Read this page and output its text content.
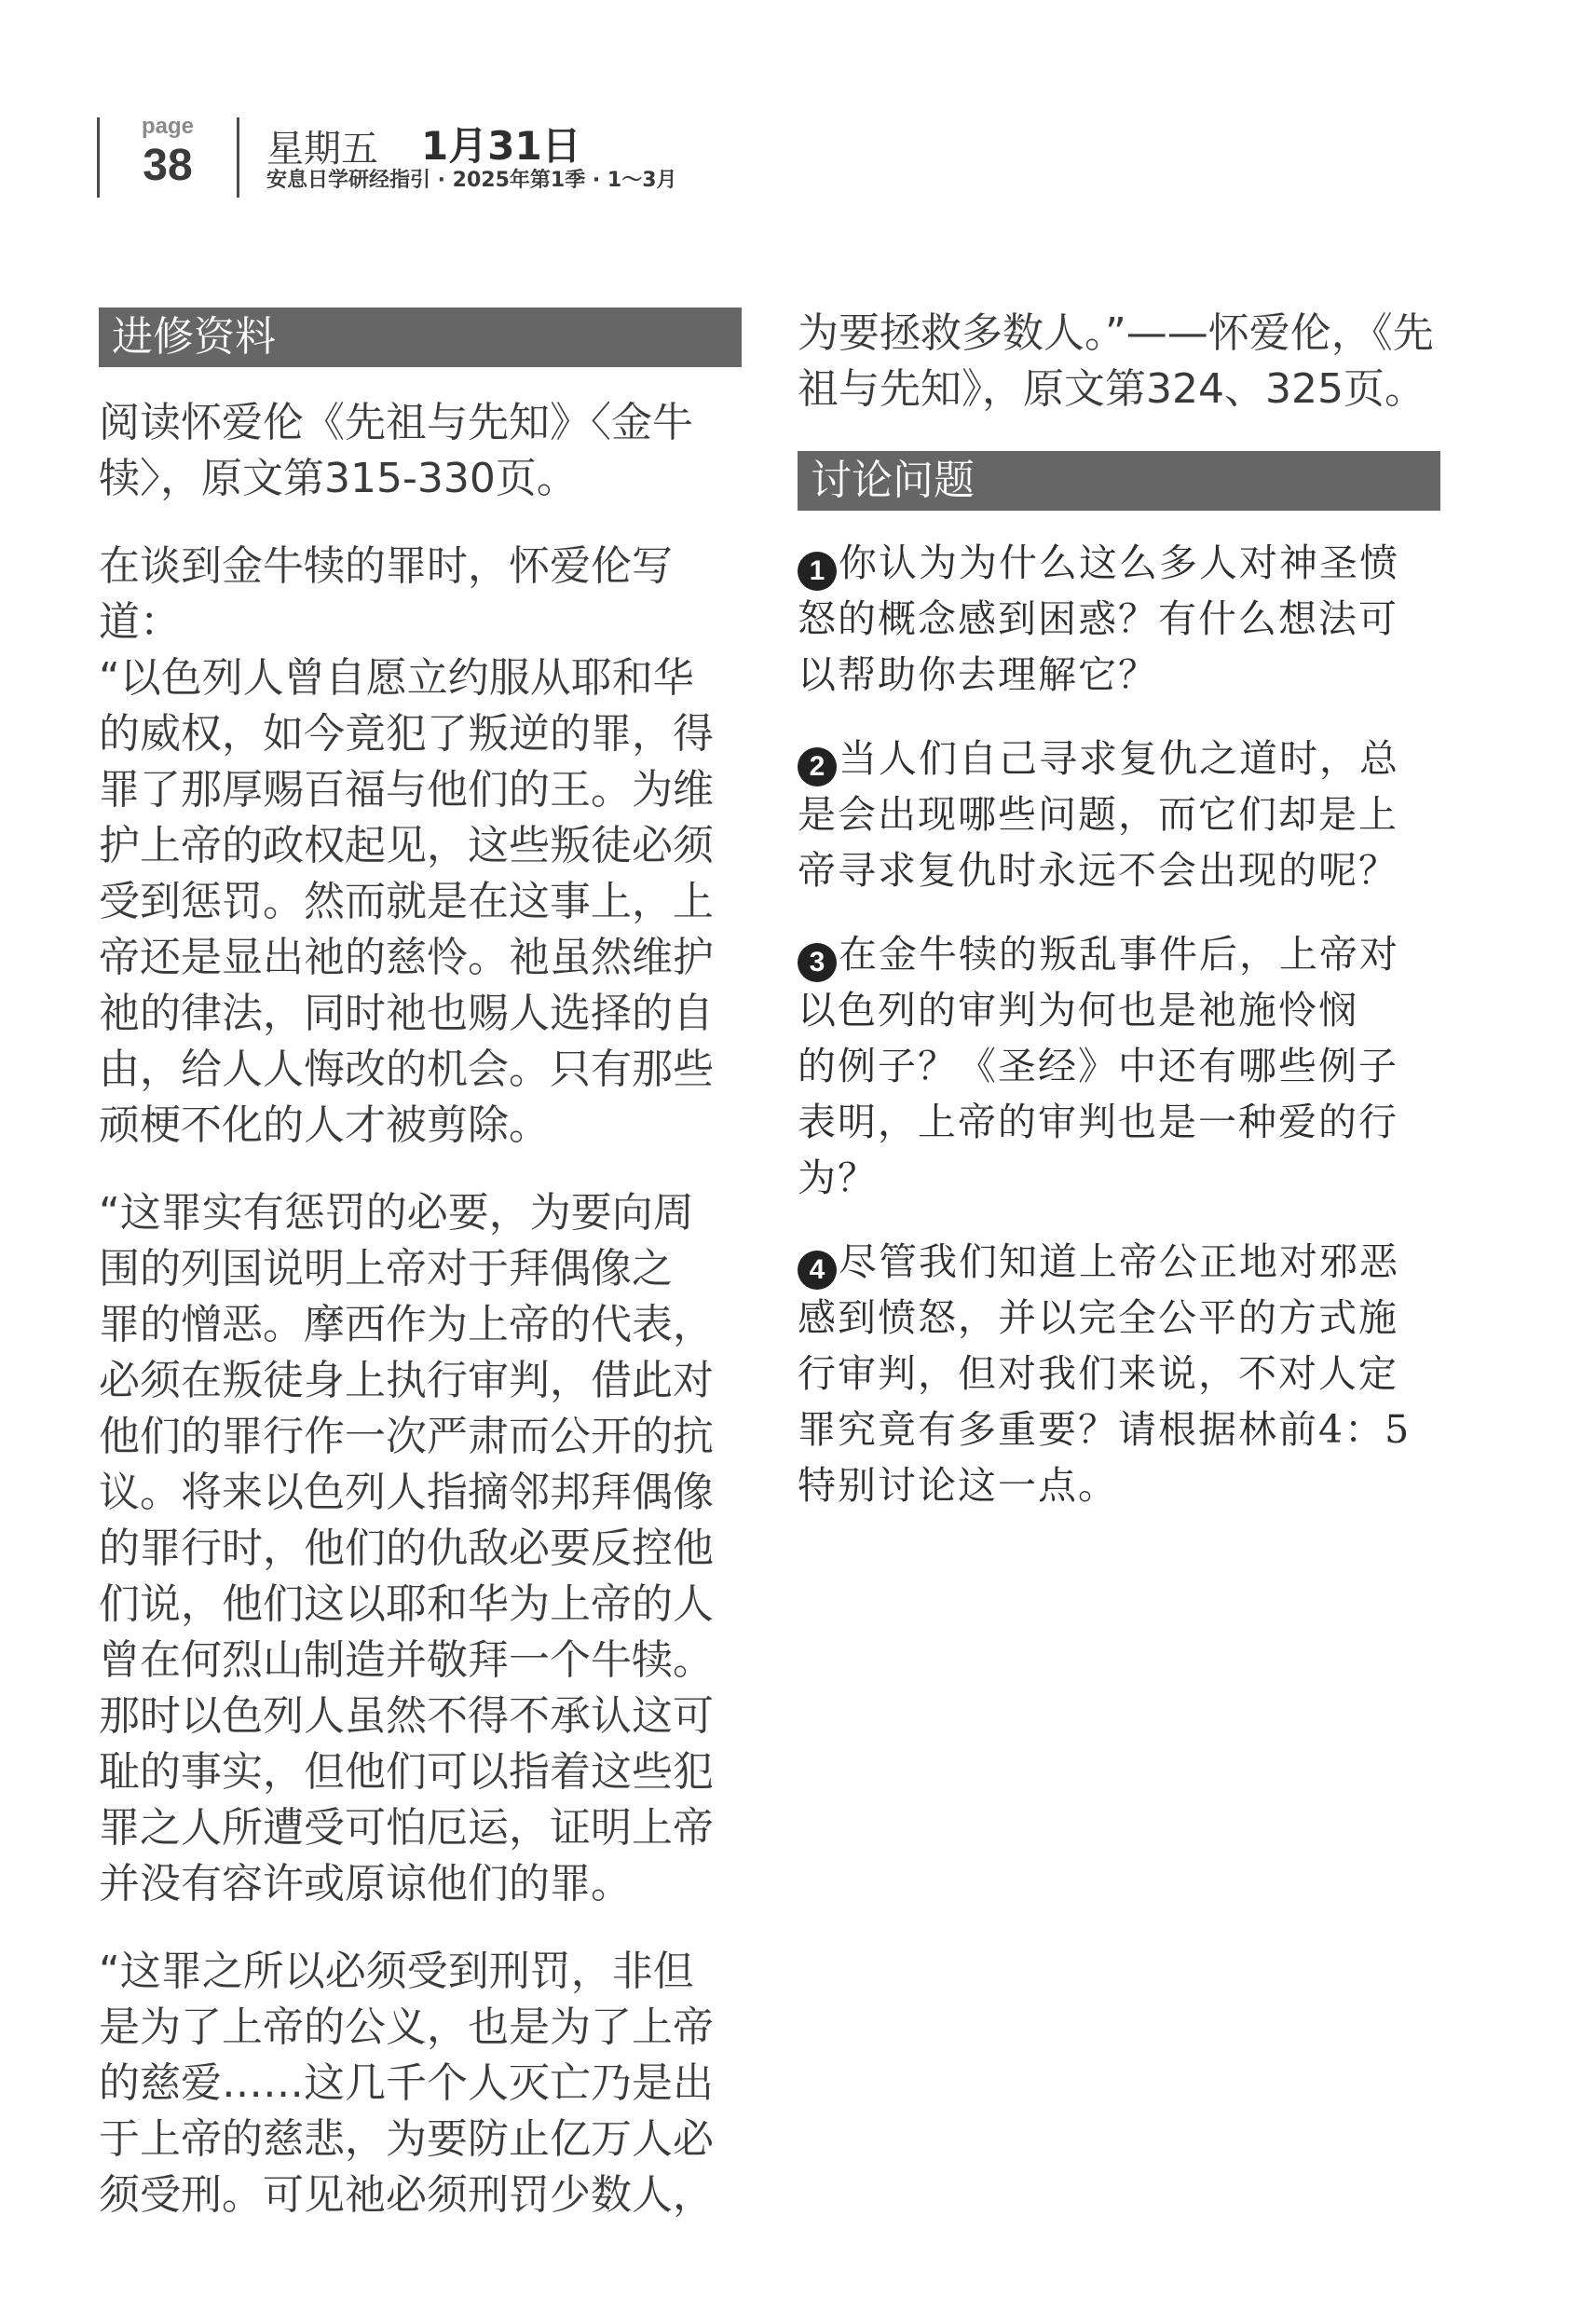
page
38	星期五 1月31日
安息日学研经指引 · 2025年第1季 · 1～3月
进修资料

阅读怀爱伦《先祖与先知》〈金牛
犊〉，原文第315-330页。

在谈到金牛犊的罪时，怀爱伦写道：
“以色列人曾自愿立约服从耶和华
的威权，如今竟犯了叛逆的罪，得
罪了那厚赐百福与他们的王。为维
护上帝的政权起见，这些叛徒必须
受到惩罚。然而就是在这事上，上
帝还是显出祂的慈怜。祂虽然维护
祂的律法，同时祂也赐人选择的自
由，给人人悔改的机会。只有那些
顽梗不化的人才被剪除。

“这罪实有惩罚的必要，为要向周
围的列国说明上帝对于拜偶像之
罪的憎恶。摩西作为上帝的代表，
必须在叛徒身上执行审判，借此对
他们的罪行作一次严肃而公开的抗
议。将来以色列人指摘邻邦拜偶像
的罪行时，他们的仇敌必要反控他
们说，他们这以耶和华为上帝的人
曾在何烈山制造并敬拜一个牛犊。
那时以色列人虽然不得不承认这可
耻的事实，但他们可以指着这些犯
罪之人所遭受可怕厄运，证明上帝
并没有容许或原谅他们的罪。

“这罪之所以必须受到刑罚，非但
是为了上帝的公义，也是为了上帝
的慈爱……这几千个人灭亡乃是出
于上帝的慈悲，为要防止亿万人必
须受刑。可见祂必须刑罚少数人，

为要拯救多数人。”——怀爱伦，《先
祖与先知》，原文第324、325页。

讨论问题

1 你认为为什么这么多人对神圣愤
怒的概念感到困惑？有什么想法可
以帮助你去理解它？

2 当人们自己寻求复仇之道时，总
是会出现哪些问题，而它们却是上
帝寻求复仇时永远不会出现的呢？

3 在金牛犊的叛乱事件后，上帝对
以色列的审判为何也是祂施怜悯
的例子？《圣经》中还有哪些例子
表明，上帝的审判也是一种爱的行
为？

4 尽管我们知道上帝公正地对邪恶
感到愤怒，并以完全公平的方式施
行审判，但对我们来说，不对人定
罪究竟有多重要？请根据林前4：5
特别讨论这一点。
